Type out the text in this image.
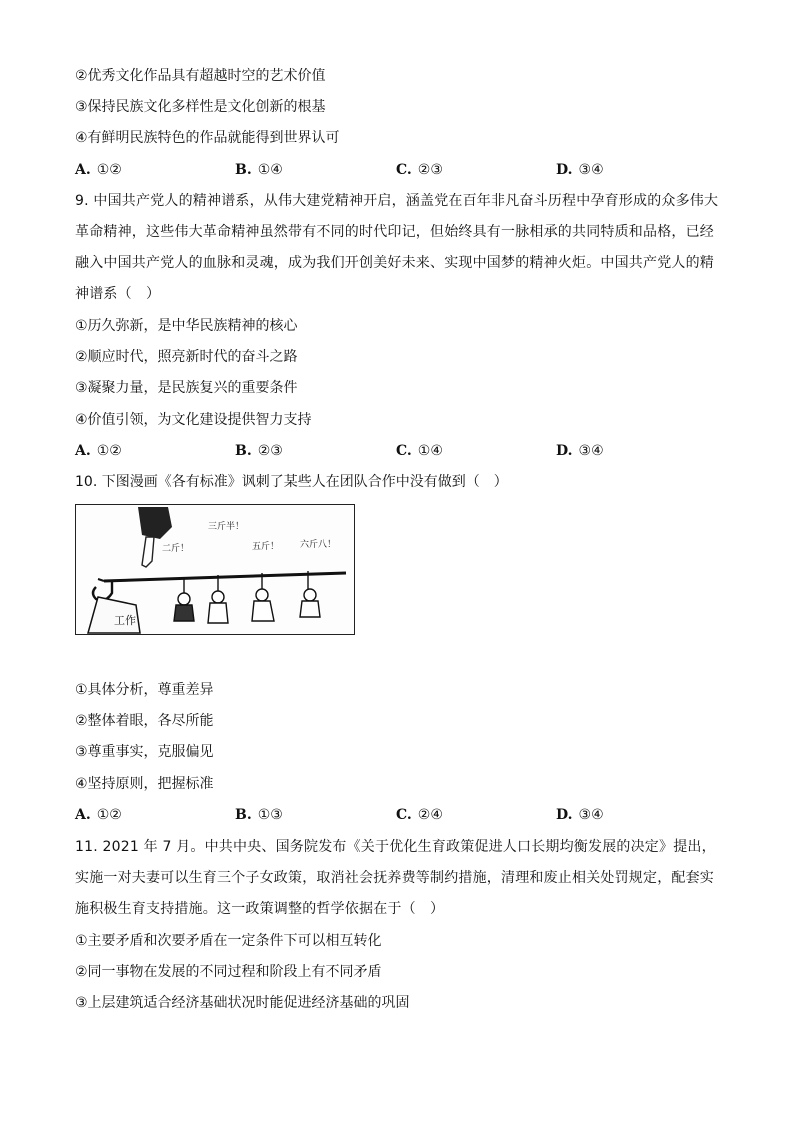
②优秀文化作品具有超越时空的艺术价值
③保持民族文化多样性是文化创新的根基
④有鲜明民族特色的作品就能得到世界认可
A. ①②	B. ①④	C. ②③	D. ③④
9. 中国共产党人的精神谱系，从伟大建党精神开启，涵盖党在百年非凡奋斗历程中孕育形成的众多伟大革命精神，这些伟大革命精神虽然带有不同的时代印记，但始终具有一脉相承的共同特质和品格，已经融入中国共产党人的血脉和灵魂，成为我们开创美好未来、实现中国梦的精神火炬。中国共产党人的精神谱系（　）
①历久弥新，是中华民族精神的核心
②顺应时代，照亮新时代的奋斗之路
③凝聚力量，是民族复兴的重要条件
④价值引领，为文化建设提供智力支持
A. ①②	B. ②③	C. ①④	D. ③④
10. 下图漫画《各有标准》讽刺了某些人在团队合作中没有做到（　）
工作
二斤！
三斤半！
五斤！ 六斤八！
①具体分析，尊重差异
②整体着眼，各尽所能
③尊重事实，克服偏见
④坚持原则，把握标准
A. ①②	B. ①③	C. ②④	D. ③④
11. 2021 年 7 月。中共中央、国务院发布《关于优化生育政策促进人口长期均衡发展的决定》提出，实施一对夫妻可以生育三个子女政策，取消社会抚养费等制约措施，清理和废止相关处罚规定，配套实施积极生育支持措施。这一政策调整的哲学依据在于（　）
①主要矛盾和次要矛盾在一定条件下可以相互转化
②同一事物在发展的不同过程和阶段上有不同矛盾
③上层建筑适合经济基础状况时能促进经济基础的巩固
